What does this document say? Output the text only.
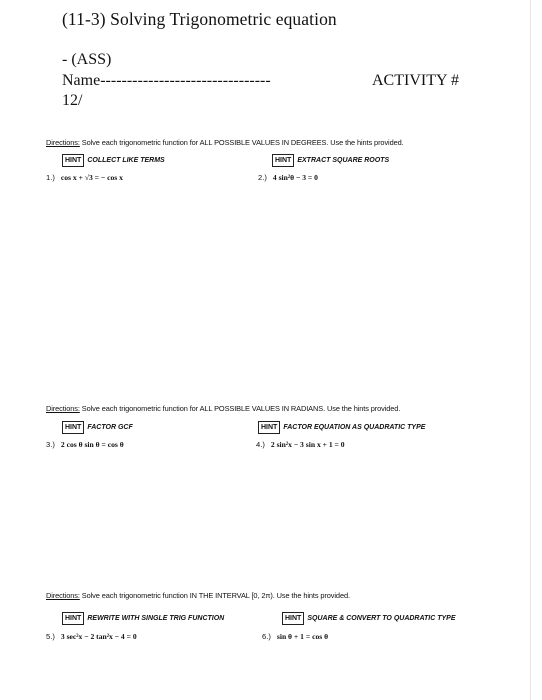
(11-3) Solving Trigonometric equation
- (ASS)
Name--------------------------------	ACTIVITY #
12/
Directions: Solve each trigonometric function for ALL POSSIBLE VALUES IN DEGREES. Use the hints provided.
HINT COLLECT LIKE TERMS	HINT EXTRACT SQUARE ROOTS
1.) cos x + √3 = − cos x	2.) 4 sin²θ − 3 = 0
Directions: Solve each trigonometric function for ALL POSSIBLE VALUES IN RADIANS. Use the hints provided.
HINT FACTOR GCF	HINT FACTOR EQUATION AS QUADRATIC TYPE
3.) 2 cos θ sin θ = cos θ	4.) 2 sin²x − 3 sin x + 1 = 0
Directions: Solve each trigonometric function IN THE INTERVAL [0, 2π). Use the hints provided.
HINT REWRITE WITH SINGLE TRIG FUNCTION	HINT SQUARE & CONVERT TO QUADRATIC TYPE
5.) 3 sec²x − 2 tan²x − 4 = 0	6.) sin θ + 1 = cos θ
